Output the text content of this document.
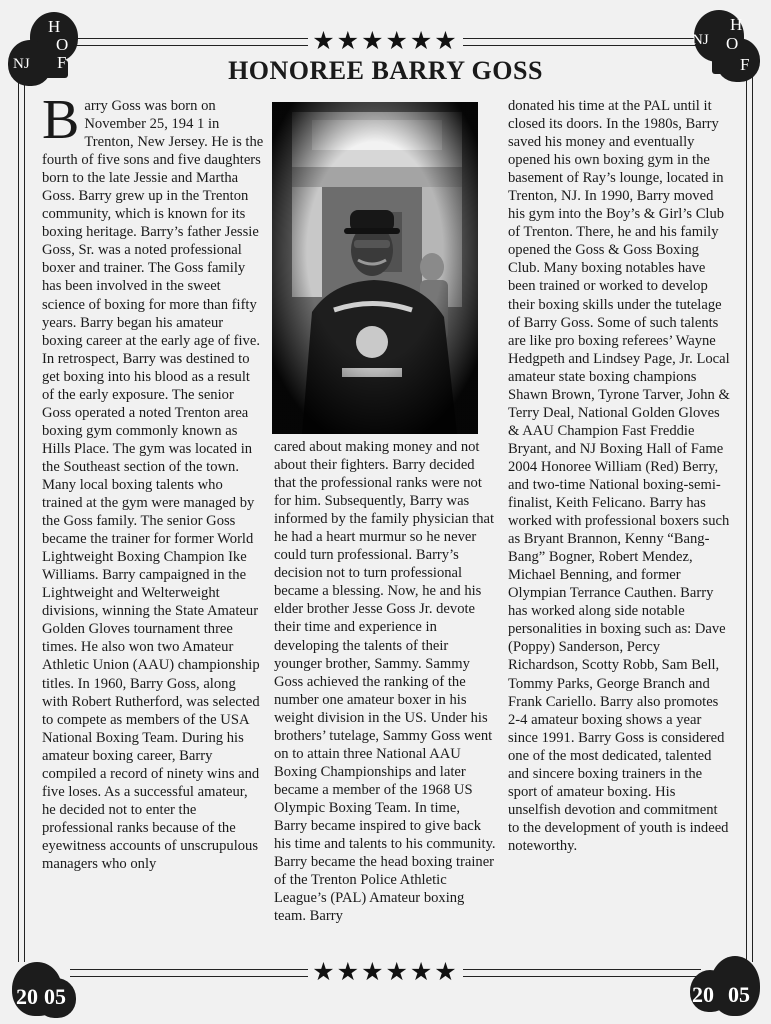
★★★★★★
★★★★★★
H
O
F
NJ
NJ
H
O
F
20 05	20 05
HONOREE BARRY GOSS

Barry Goss was born on November 25, 194 1 in Trenton, New Jersey. He is the fourth of five sons and five daughters born to the late Jessie and Martha Goss. Barry grew up in the Trenton community, which is known for its boxing heritage. Barry’s father Jessie Goss, Sr. was a noted professional boxer and trainer. The Goss family has been involved in the sweet science of boxing for more than fifty years. Barry began his amateur boxing career at the early age of five. In retrospect, Barry was destined to get boxing into his blood as a result of the early exposure. The senior Goss operated a noted Trenton area boxing gym commonly known as Hills Place. The gym was located in the Southeast section of the town. Many local boxing talents who trained at the gym were managed by the Goss family. The senior Goss became the trainer for former World Lightweight Boxing Champion Ike Williams. Barry campaigned in the Lightweight and Welterweight divisions, winning the State Amateur Golden Gloves tournament three times. He also won two Amateur Athletic Union (AAU) championship titles. In 1960, Barry Goss, along with Robert Rutherford, was selected to compete as members of the USA National Boxing Team. During his amateur boxing career, Barry compiled a record of ninety wins and five loses. As a successful amateur, he decided not to enter the professional ranks because of the eyewitness accounts of unscrupulous managers who only

cared about making money and not about their fighters. Barry decided that the professional ranks were not for him. Subsequently, Barry was informed by the family physician that he had a heart murmur so he never could turn professional. Barry’s decision not to turn professional became a blessing. Now, he and his elder brother Jesse Goss Jr. devote their time and experience in developing the talents of their younger brother, Sammy. Sammy Goss achieved the ranking of the number one amateur boxer in his weight division in the US. Under his brothers’ tutelage, Sammy Goss went on to attain three National AAU Boxing Championships and later became a member of the 1968 US Olympic Boxing Team. In time, Barry became inspired to give back his time and talents to his community. Barry became the head boxing trainer of the Trenton Police Athletic League’s (PAL) Amateur boxing team. Barry

donated his time at the PAL until it closed its doors. In the 1980s, Barry saved his money and eventually opened his own boxing gym in the basement of Ray’s lounge, located in Trenton, NJ. In 1990, Barry moved his gym into the Boy’s & Girl’s Club of Trenton. There, he and his family opened the Goss & Goss Boxing Club. Many boxing notables have been trained or worked to develop their boxing skills under the tutelage of Barry Goss. Some of such talents are like pro boxing referees’ Wayne Hedgpeth and Lindsey Page, Jr. Local amateur state boxing champions Shawn Brown, Tyrone Tarver, John & Terry Deal, National Golden Gloves & AAU Champion Fast Freddie Bryant, and NJ Boxing Hall of Fame 2004 Honoree William (Red) Berry, and two-time National boxing-semi-finalist, Keith Felicano. Barry has worked with professional boxers such as Bryant Brannon, Kenny “Bang-Bang” Bogner, Robert Mendez, Michael Benning, and former Olympian Terrance Cauthen. Barry has worked along side notable personalities in boxing such as: Dave (Poppy) Sanderson, Percy Richardson, Scotty Robb, Sam Bell, Tommy Parks, George Branch and Frank Cariello. Barry also promotes 2-4 amateur boxing shows a year since 1991. Barry Goss is considered one of the most dedicated, talented and sincere boxing trainers in the sport of amateur boxing. His unselfish devotion and commitment to the development of youth is indeed noteworthy.
